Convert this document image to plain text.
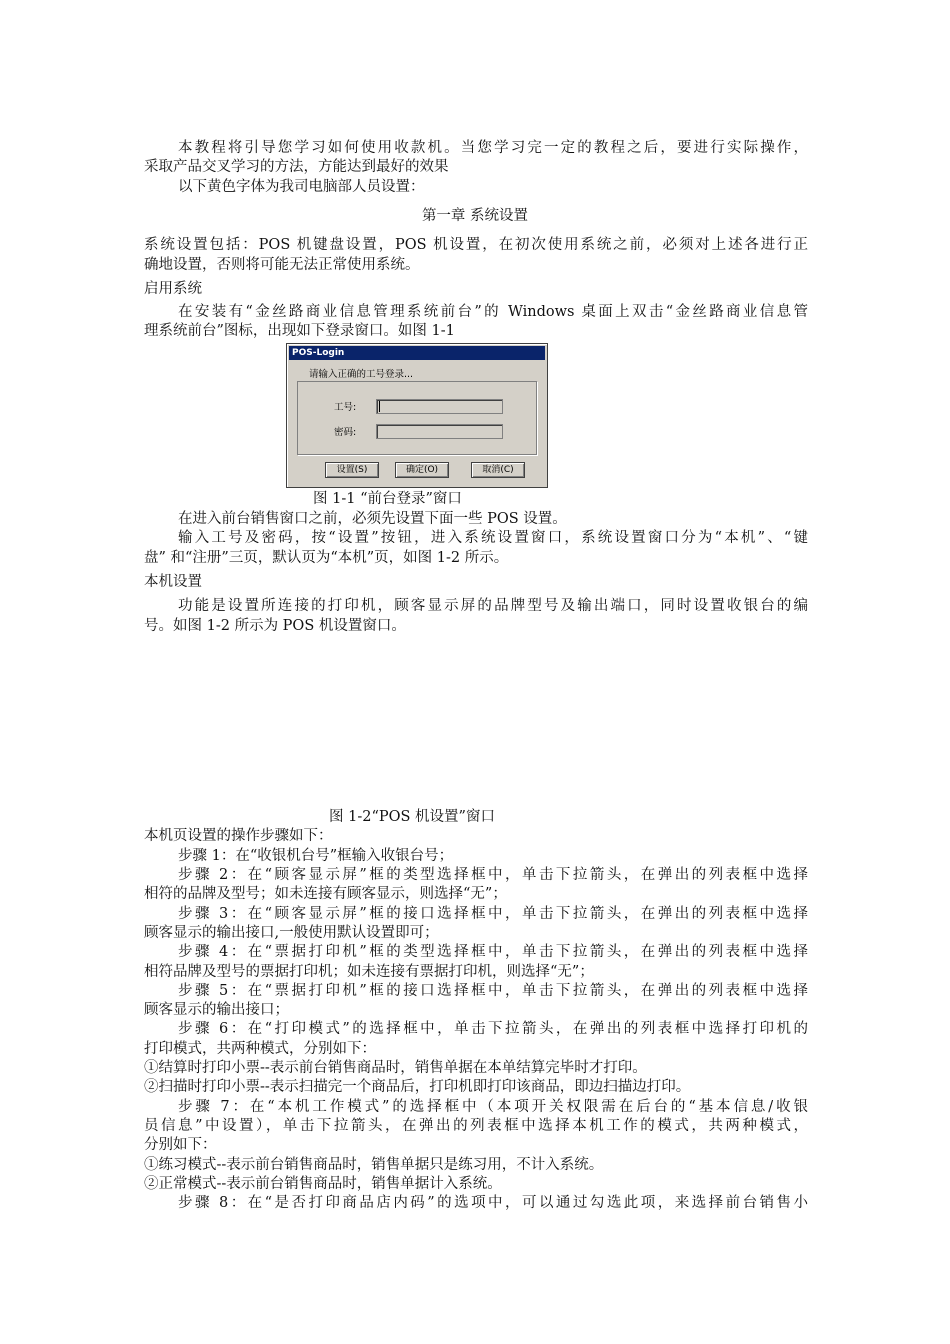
本教程将引导您学习如何使用收款机。当您学习完一定的教程之后，要进行实际操作，
采取产品交叉学习的方法，方能达到最好的效果
以下黄色字体为我司电脑部人员设置：
第一章 系统设置
系统设置包括：POS 机键盘设置，POS 机设置，在初次使用系统之前，必须对上述各进行正
确地设置，否则将可能无法正常使用系统。
启用系统
在安装有“金丝路商业信息管理系统前台”的 Windows 桌面上双击“金丝路商业信息管
理系统前台”图标，出现如下登录窗口。如图 1-1
POS-Login
请输入正确的工号登录...
工号:
密码:
设置(S)	确定(O)	取消(C)
图 1-1 “前台登录”窗口
在进入前台销售窗口之前，必须先设置下面一些 POS 设置。
输入工号及密码，按“设置”按钮，进入系统设置窗口，系统设置窗口分为“本机”、“键
盘” 和“注册”三页，默认页为“本机”页，如图 1-2 所示。
本机设置
功能是设置所连接的打印机，顾客显示屏的品牌型号及输出端口，同时设置收银台的编
号。如图 1-2 所示为 POS 机设置窗口。
图 1-2“POS 机设置”窗口
本机页设置的操作步骤如下：
步骤 1：在“收银机台号”框输入收银台号；
步骤 2：在“顾客显示屏”框的类型选择框中，单击下拉箭头，在弹出的列表框中选择
相符的品牌及型号；如未连接有顾客显示，则选择“无”；
步骤 3：在“顾客显示屏”框的接口选择框中，单击下拉箭头，在弹出的列表框中选择
顾客显示的输出接口,一般使用默认设置即可；
步骤 4：在“票据打印机”框的类型选择框中，单击下拉箭头，在弹出的列表框中选择
相符品牌及型号的票据打印机；如未连接有票据打印机，则选择“无”；
步骤 5：在“票据打印机”框的接口选择框中，单击下拉箭头，在弹出的列表框中选择
顾客显示的输出接口；
步骤 6：在“打印模式”的选择框中，单击下拉箭头，在弹出的列表框中选择打印机的
打印模式，共两种模式，分别如下：
①结算时打印小票--表示前台销售商品时，销售单据在本单结算完毕时才打印。
②扫描时打印小票--表示扫描完一个商品后，打印机即打印该商品，即边扫描边打印。
步骤 7：在“本机工作模式”的选择框中（本项开关权限需在后台的“基本信息/收银
员信息”中设置），单击下拉箭头，在弹出的列表框中选择本机工作的模式，共两种模式，
分别如下：
①练习模式--表示前台销售商品时，销售单据只是练习用，不计入系统。
②正常模式--表示前台销售商品时，销售单据计入系统。
步骤 8：在“是否打印商品店内码”的选项中，可以通过勾选此项，来选择前台销售小
